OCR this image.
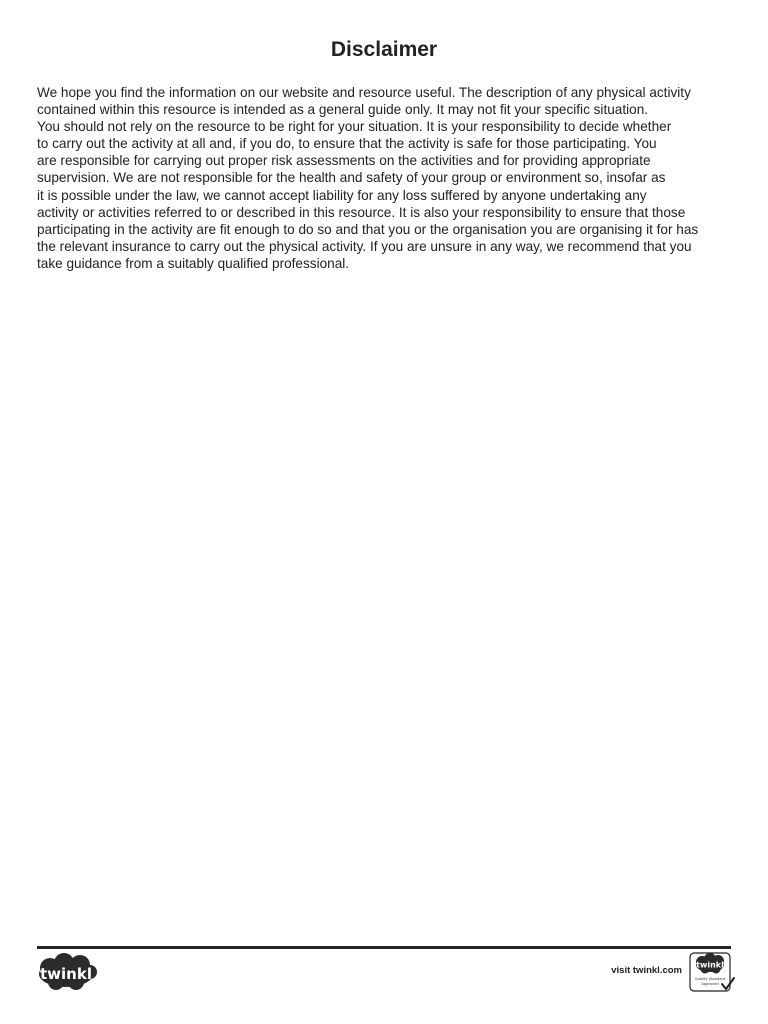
Disclaimer
We hope you find the information on our website and resource useful. The description of any physical activity
contained within this resource is intended as a general guide only. It may not fit your specific situation.
You should not rely on the resource to be right for your situation. It is your responsibility to decide whether
to carry out the activity at all and, if you do, to ensure that the activity is safe for those participating. You
are responsible for carrying out proper risk assessments on the activities and for providing appropriate
supervision. We are not responsible for the health and safety of your group or environment so, insofar as
it is possible under the law, we cannot accept liability for any loss suffered by anyone undertaking any
activity or activities referred to or described in this resource. It is also your responsibility to ensure that those
participating in the activity are fit enough to do so and that you or the organisation you are organising it for has
the relevant insurance to carry out the physical activity. If you are unsure in any way, we recommend that you
take guidance from a suitably qualified professional.
twinkl	visit twinkl.com twinkl
Quality Standard
Approved
